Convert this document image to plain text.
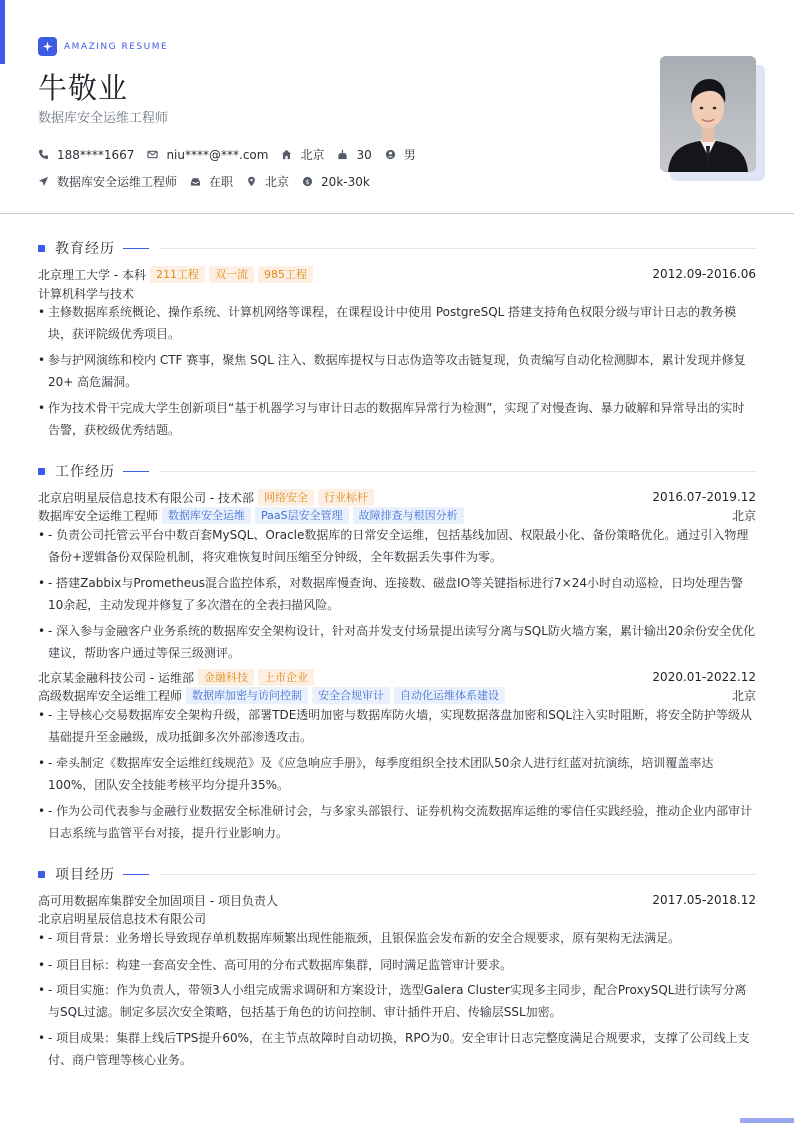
AMAZING RESUME
牛敬业
数据库安全运维工程师
188****1667	niu****@***.com	北京	30	男
数据库安全运维工程师	在职	北京 $ 20k-30k
教育经历
北京理工大学 - 本科 211工程	双一流	985工程	2012.09-2016.06
计算机科学与技术
• 主修数据库系统概论、操作系统、计算机网络等课程，在课程设计中使用 PostgreSQL 搭建支持角色权限分级与审计日志的教务模块，获评院级优秀项目。
• 参与护网演练和校内 CTF 赛事，聚焦 SQL 注入、数据库提权与日志伪造等攻击链复现，负责编写自动化检测脚本，累计发现并修复 20+ 高危漏洞。
• 作为技术骨干完成大学生创新项目“基于机器学习与审计日志的数据库异常行为检测”，实现了对慢查询、暴力破解和异常导出的实时告警，获校级优秀结题。
工作经历
北京启明星辰信息技术有限公司 - 技术部 网络安全	行业标杆	2016.07-2019.12
数据库安全运维工程师 数据库安全运维	PaaS层安全管理	故障排查与根因分析	北京
• - 负责公司托管云平台中数百套MySQL、Oracle数据库的日常安全运维，包括基线加固、权限最小化、备份策略优化。通过引入物理备份+逻辑备份双保险机制，将灾难恢复时间压缩至分钟级，全年数据丢失事件为零。
• - 搭建Zabbix与Prometheus混合监控体系，对数据库慢查询、连接数、磁盘IO等关键指标进行7×24小时自动巡检，日均处理告警10余起，主动发现并修复了多次潜在的全表扫描风险。
• - 深入参与金融客户业务系统的数据库安全架构设计，针对高并发支付场景提出读写分离与SQL防火墙方案，累计输出20余份安全优化建议，帮助客户通过等保三级测评。
北京某金融科技公司 - 运维部 金融科技	上市企业	2020.01-2022.12
高级数据库安全运维工程师 数据库加密与访问控制	安全合规审计	自动化运维体系建设	北京
• - 主导核心交易数据库安全架构升级，部署TDE透明加密与数据库防火墙，实现数据落盘加密和SQL注入实时阻断，将安全防护等级从基础提升至金融级，成功抵御多次外部渗透攻击。
• - 牵头制定《数据库安全运维红线规范》及《应急响应手册》，每季度组织全技术团队50余人进行红蓝对抗演练，培训覆盖率达100%，团队安全技能考核平均分提升35%。
• - 作为公司代表参与金融行业数据安全标准研讨会，与多家头部银行、证券机构交流数据库运维的零信任实践经验，推动企业内部审计日志系统与监管平台对接，提升行业影响力。
项目经历
高可用数据库集群安全加固项目 - 项目负责人	2017.05-2018.12
北京启明星辰信息技术有限公司
• - 项目背景：业务增长导致现存单机数据库频繁出现性能瓶颈，且银保监会发布新的安全合规要求，原有架构无法满足。
• - 项目目标：构建一套高安全性、高可用的分布式数据库集群，同时满足监管审计要求。
• - 项目实施：作为负责人，带领3人小组完成需求调研和方案设计，选型Galera Cluster实现多主同步，配合ProxySQL进行读写分离与SQL过滤。制定多层次安全策略，包括基于角色的访问控制、审计插件开启、传输层SSL加密。
• - 项目成果：集群上线后TPS提升60%，在主节点故障时自动切换，RPO为0。安全审计日志完整度满足合规要求，支撑了公司线上支付、商户管理等核心业务。
